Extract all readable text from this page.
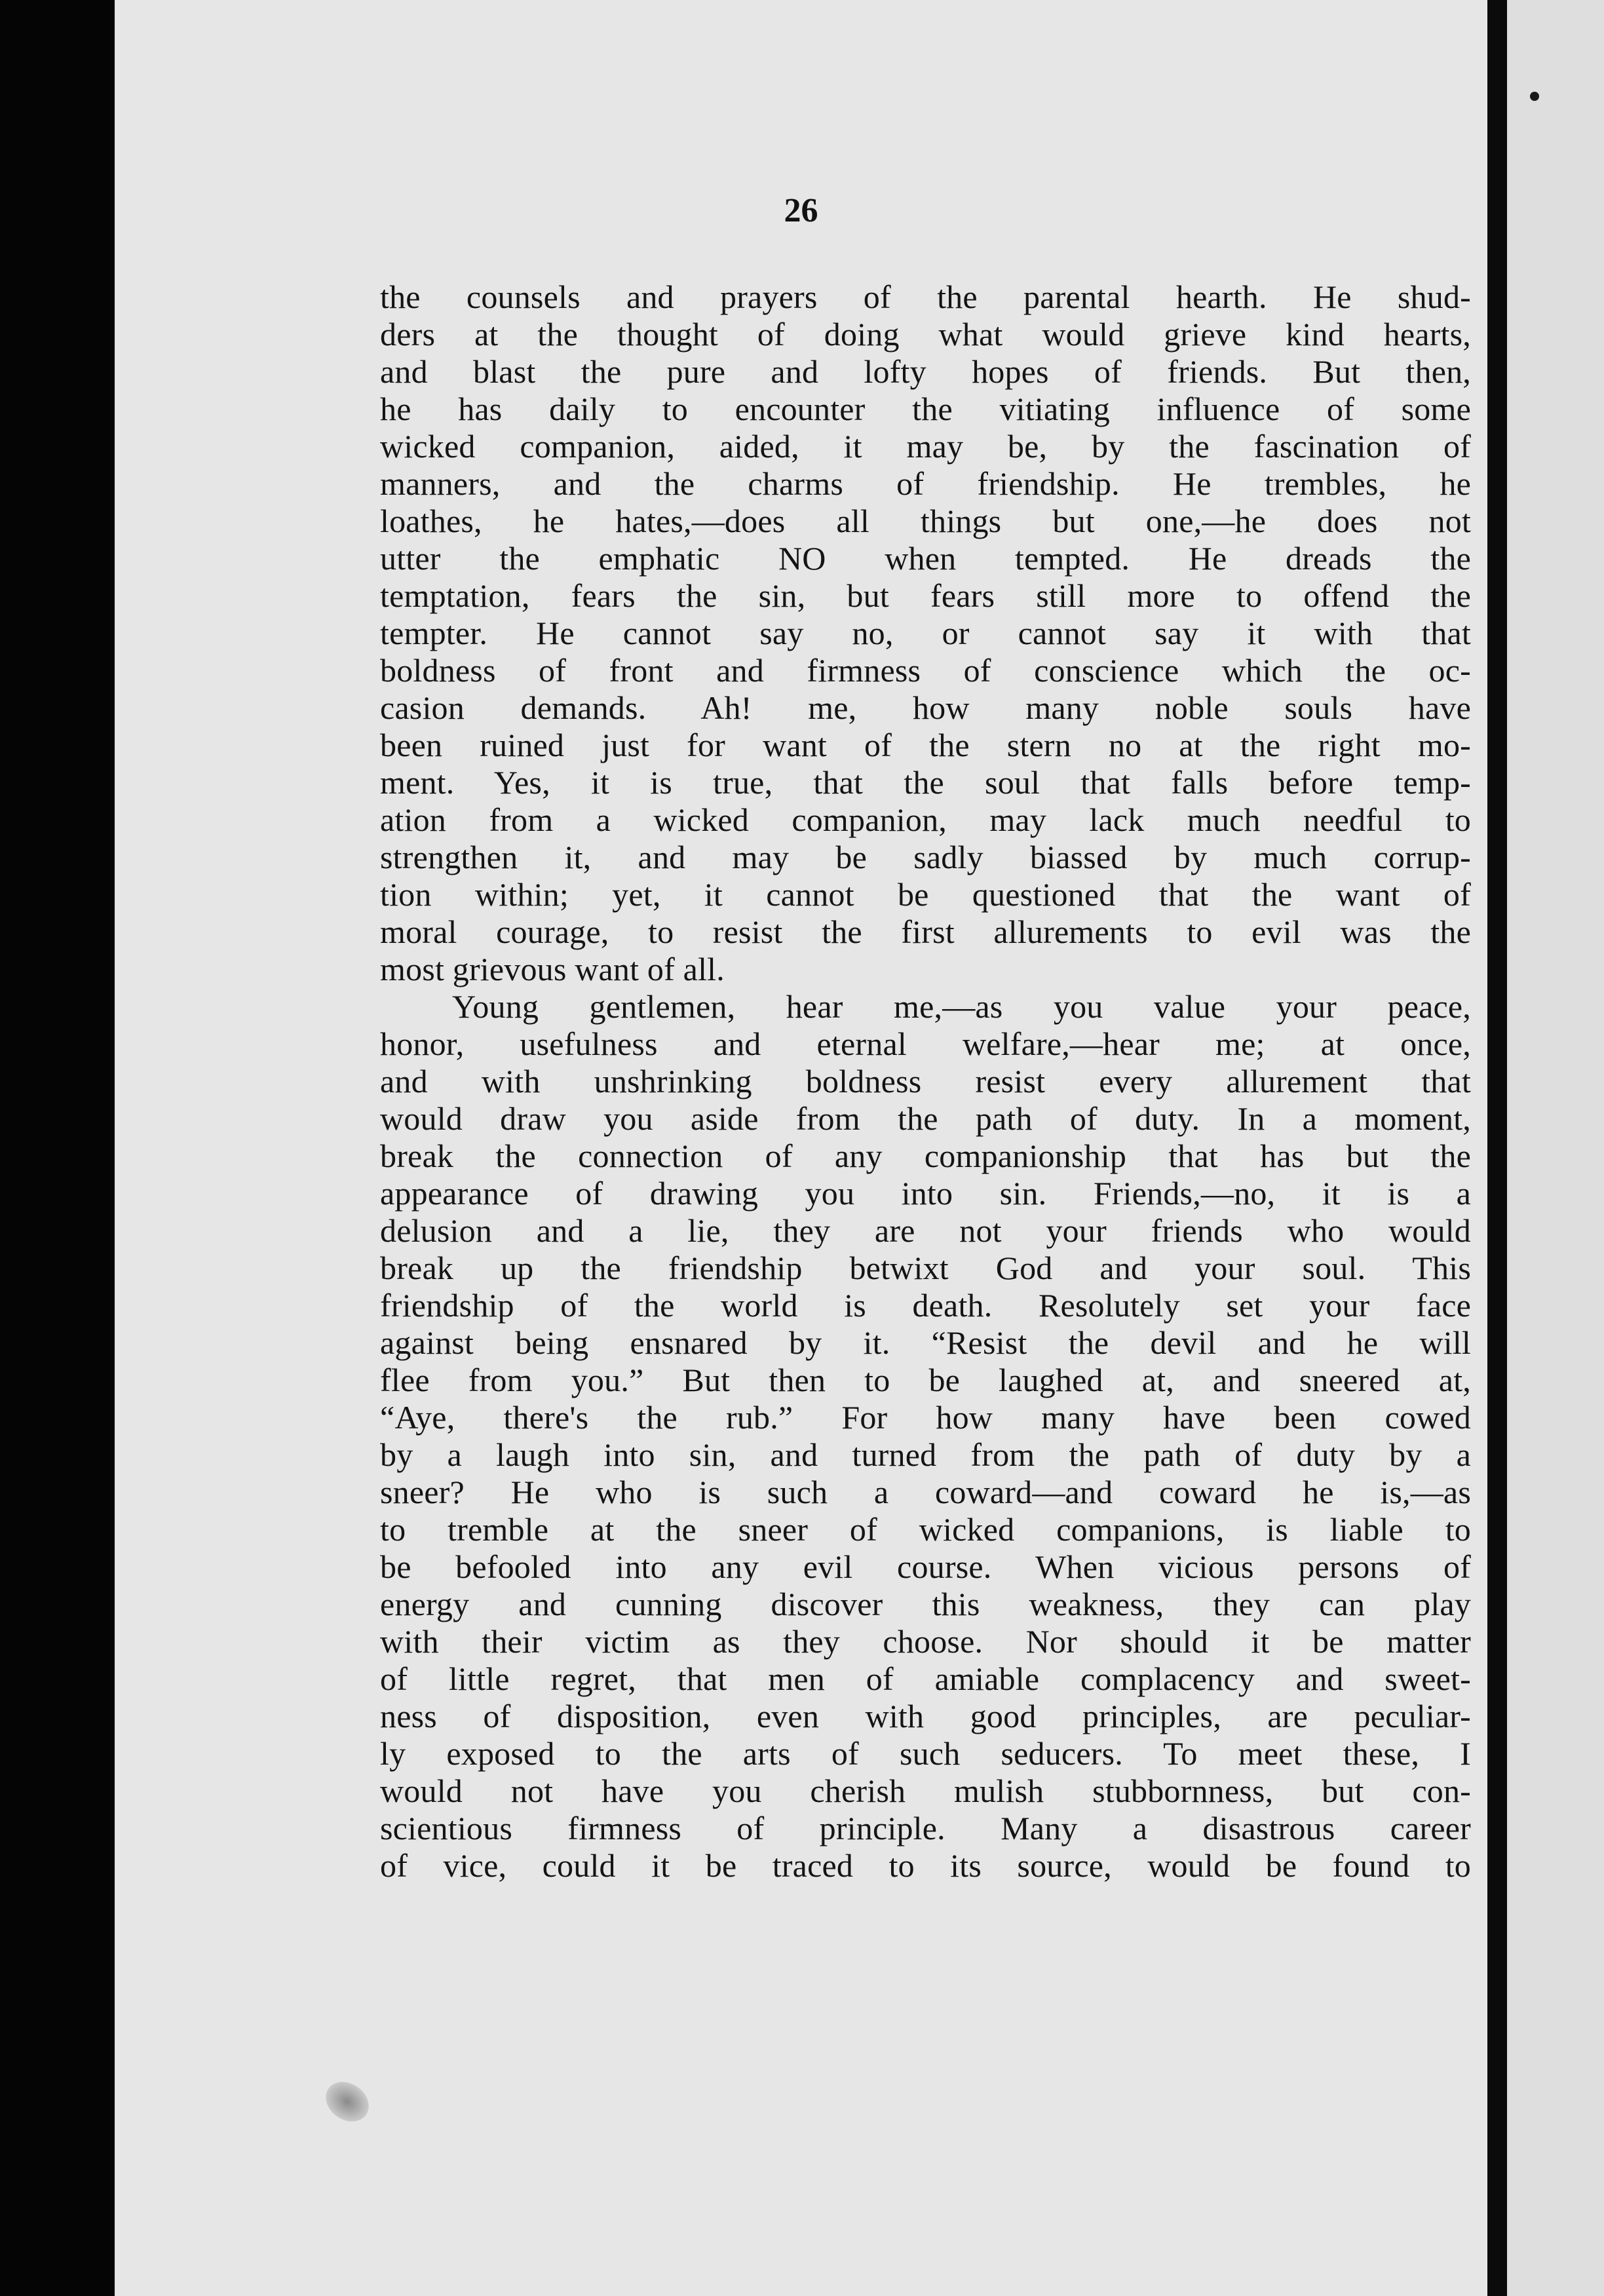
26
the counsels and prayers of the parental hearth. He shud-
ders at the thought of doing what would grieve kind hearts,
and blast the pure and lofty hopes of friends. But then,
he has daily to encounter the vitiating influence of some
wicked companion, aided, it may be, by the fascination of
manners, and the charms of friendship. He trembles, he
loathes, he hates,—does all things but one,—he does not
utter the emphatic NO when tempted. He dreads the
temptation, fears the sin, but fears still more to offend the
tempter. He cannot say no, or cannot say it with that
boldness of front and firmness of conscience which the oc-
casion demands. Ah! me, how many noble souls have
been ruined just for want of the stern no at the right mo-
ment. Yes, it is true, that the soul that falls before temp-
ation from a wicked companion, may lack much needful to
strengthen it, and may be sadly biassed by much corrup-
tion within; yet, it cannot be questioned that the want of
moral courage, to resist the first allurements to evil was the
most grievous want of all.
Young gentlemen, hear me,—as you value your peace,
honor, usefulness and eternal welfare,—hear me; at once,
and with unshrinking boldness resist every allurement that
would draw you aside from the path of duty. In a moment,
break the connection of any companionship that has but the
appearance of drawing you into sin. Friends,—no, it is a
delusion and a lie, they are not your friends who would
break up the friendship betwixt God and your soul. This
friendship of the world is death. Resolutely set your face
against being ensnared by it. “Resist the devil and he will
flee from you.” But then to be laughed at, and sneered at,
“Aye, there's the rub.” For how many have been cowed
by a laugh into sin, and turned from the path of duty by a
sneer? He who is such a coward—and coward he is,—as
to tremble at the sneer of wicked companions, is liable to
be befooled into any evil course. When vicious persons of
energy and cunning discover this weakness, they can play
with their victim as they choose. Nor should it be matter
of little regret, that men of amiable complacency and sweet-
ness of disposition, even with good principles, are peculiar-
ly exposed to the arts of such seducers. To meet these, I
would not have you cherish mulish stubbornness, but con-
scientious firmness of principle. Many a disastrous career
of vice, could it be traced to its source, would be found to
